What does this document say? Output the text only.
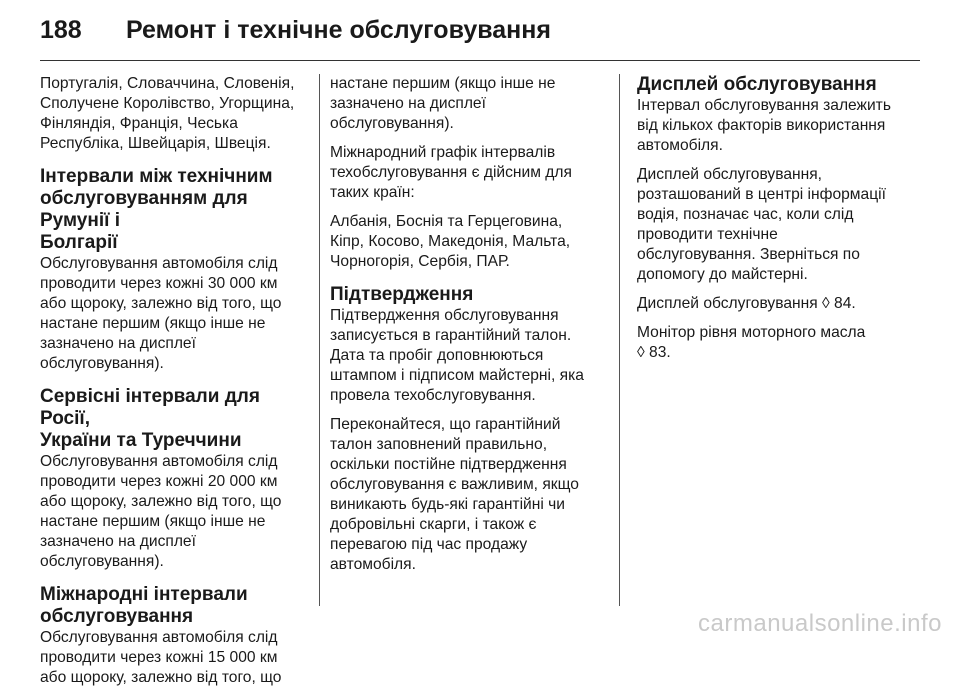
188 Ремонт і технічне обслуговування

Португалія, Словаччина, Словенія,
Сполучене Королівство, Угорщина,
Фінляндія, Франція, Чеська
Республіка, Швейцарія, Швеція.

Інтервали між технічним
обслуговуванням для Румунії і
Болгарії

Обслуговування автомобіля слід
проводити через кожні 30 000 км
або щороку, залежно від того, що
настане першим (якщо інше не
зазначено на дисплеї
обслуговування).

Сервісні інтервали для Росії,
України та Туреччини

Обслуговування автомобіля слід
проводити через кожні 20 000 км
або щороку, залежно від того, що
настане першим (якщо інше не
зазначено на дисплеї
обслуговування).

Міжнародні інтервали
обслуговування

Обслуговування автомобіля слід
проводити через кожні 15 000 км
або щороку, залежно від того, що

настане першим (якщо інше не
зазначено на дисплеї
обслуговування).

Міжнародний графік інтервалів
техобслуговування є дійсним для
таких країн:

Албанія, Боснія та Герцеговина,
Кіпр, Косово, Македонія, Мальта,
Чорногорія, Сербія, ПАР.

Підтвердження

Підтвердження обслуговування
записується в гарантійний талон.
Дата та пробіг доповнюються
штампом і підписом майстерні, яка
провела техобслуговування.

Переконайтеся, що гарантійний
талон заповнений правильно,
оскільки постійне підтвердження
обслуговування є важливим, якщо
виникають будь-які гарантійні чи
добровільні скарги, і також є
перевагою під час продажу
автомобіля.

Дисплей обслуговування

Інтервал обслуговування залежить
від кількох факторів використання
автомобіля.

Дисплей обслуговування,
розташований в центрі інформації
водія, позначає час, коли слід
проводити технічне
обслуговування. Зверніться по
допомогу до майстерні.

Дисплей обслуговування ◊ 84.

Монітор рівня моторного масла
◊ 83.

carmanualsonline.info
